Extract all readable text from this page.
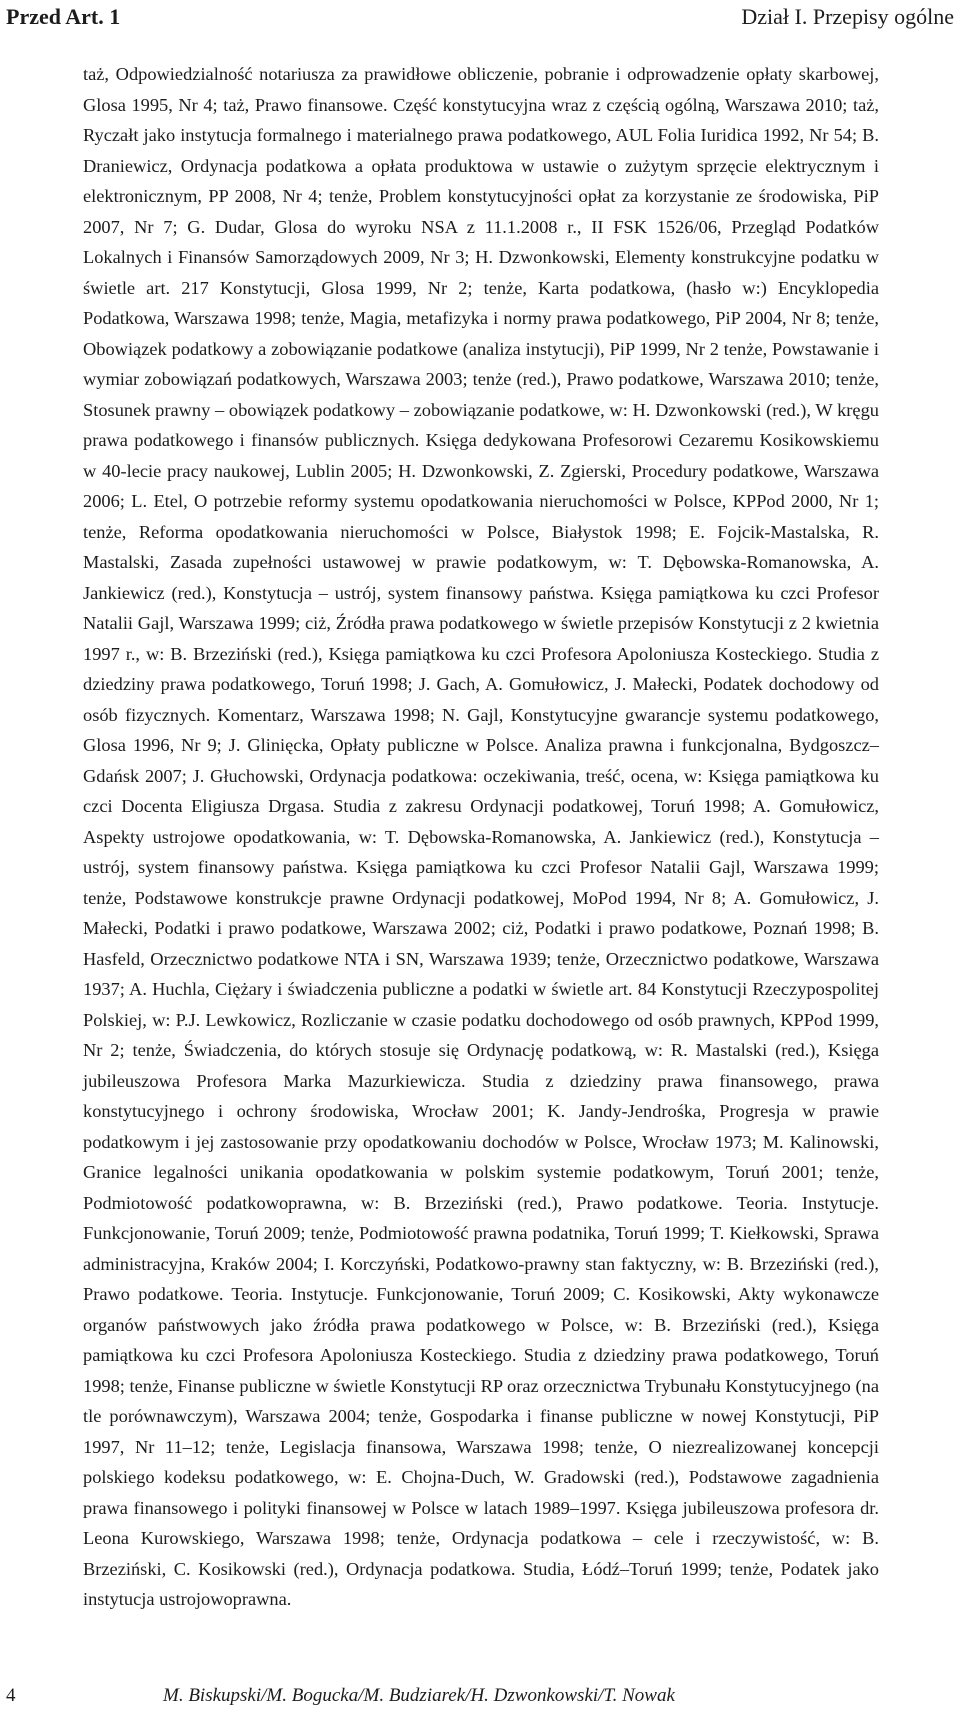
Przed Art. 1	Dział I. Przepisy ogólne

taż, Odpowiedzialność notariusza za prawidłowe obliczenie, pobranie i odprowadzenie opłaty skarbowej, Glosa 1995, Nr 4; taż, Prawo finansowe. Część konstytucyjna wraz z częścią ogólną, Warszawa 2010; taż, Ryczałt jako instytucja formalnego i materialnego prawa podatkowego, AUL Folia Iuridica 1992, Nr 54; B. Draniewicz, Ordynacja podatkowa a opłata produktowa w ustawie o zużytym sprzęcie elektrycznym i elektronicznym, PP 2008, Nr 4; tenże, Problem konstytucyjności opłat za korzystanie ze środowiska, PiP 2007, Nr 7; G. Dudar, Glosa do wyroku NSA z 11.1.2008 r., II FSK 1526/06, Przegląd Podatków Lokalnych i Finansów Samorządowych 2009, Nr 3; H. Dzwonkowski, Elementy konstrukcyjne podatku w świetle art. 217 Konstytucji, Glosa 1999, Nr 2; tenże, Karta podatkowa, (hasło w:) Encyklopedia Podatkowa, Warszawa 1998; tenże, Magia, metafizyka i normy prawa podatkowego, PiP 2004, Nr 8; tenże, Obowiązek podatkowy a zobowiązanie podatkowe (analiza instytucji), PiP 1999, Nr 2 tenże, Powstawanie i wymiar zobowiązań podatkowych, Warszawa 2003; tenże (red.), Prawo podatkowe, Warszawa 2010; tenże, Stosunek prawny – obowiązek podatkowy – zobowiązanie podatkowe, w: H. Dzwonkowski (red.), W kręgu prawa podatkowego i finansów publicznych. Księga dedykowana Profesorowi Cezaremu Kosikowskiemu w 40-lecie pracy naukowej, Lublin 2005; H. Dzwonkowski, Z. Zgierski, Procedury podatkowe, Warszawa 2006; L. Etel, O potrzebie reformy systemu opodatkowania nieruchomości w Polsce, KPPod 2000, Nr 1; tenże, Reforma opodatkowania nieruchomości w Polsce, Białystok 1998; E. Fojcik-Mastalska, R. Mastalski, Zasada zupełności ustawowej w prawie podatkowym, w: T. Dębowska-Romanowska, A. Jankiewicz (red.), Konstytucja – ustrój, system finansowy państwa. Księga pamiątkowa ku czci Profesor Natalii Gajl, Warszawa 1999; ciż, Źródła prawa podatkowego w świetle przepisów Konstytucji z 2 kwietnia 1997 r., w: B. Brzeziński (red.), Księga pamiątkowa ku czci Profesora Apoloniusza Kosteckiego. Studia z dziedziny prawa podatkowego, Toruń 1998; J. Gach, A. Gomułowicz, J. Małecki, Podatek dochodowy od osób fizycznych. Komentarz, Warszawa 1998; N. Gajl, Konstytucyjne gwarancje systemu podatkowego, Glosa 1996, Nr 9; J. Glinięcka, Opłaty publiczne w Polsce. Analiza prawna i funkcjonalna, Bydgoszcz–Gdańsk 2007; J. Głuchowski, Ordynacja podatkowa: oczekiwania, treść, ocena, w: Księga pamiątkowa ku czci Docenta Eligiusza Drgasa. Studia z zakresu Ordynacji podatkowej, Toruń 1998; A. Gomułowicz, Aspekty ustrojowe opodatkowania, w: T. Dębowska-Romanowska, A. Jankiewicz (red.), Konstytucja – ustrój, system finansowy państwa. Księga pamiątkowa ku czci Profesor Natalii Gajl, Warszawa 1999; tenże, Podstawowe konstrukcje prawne Ordynacji podatkowej, MoPod 1994, Nr 8; A. Gomułowicz, J. Małecki, Podatki i prawo podatkowe, Warszawa 2002; ciż, Podatki i prawo podatkowe, Poznań 1998; B. Hasfeld, Orzecznictwo podatkowe NTA i SN, Warszawa 1939; tenże, Orzecznictwo podatkowe, Warszawa 1937; A. Huchla, Ciężary i świadczenia publiczne a podatki w świetle art. 84 Konstytucji Rzeczypospolitej Polskiej, w: P.J. Lewkowicz, Rozliczanie w czasie podatku dochodowego od osób prawnych, KPPod 1999, Nr 2; tenże, Świadczenia, do których stosuje się Ordynację podatkową, w: R. Mastalski (red.), Księga jubileuszowa Profesora Marka Mazurkiewicza. Studia z dziedziny prawa finansowego, prawa konstytucyjnego i ochrony środowiska, Wrocław 2001; K. Jandy-Jendrośka, Progresja w prawie podatkowym i jej zastosowanie przy opodatkowaniu dochodów w Polsce, Wrocław 1973; M. Kalinowski, Granice legalności unikania opodatkowania w polskim systemie podatkowym, Toruń 2001; tenże, Podmiotowość podatkowoprawna, w: B. Brzeziński (red.), Prawo podatkowe. Teoria. Instytucje. Funkcjonowanie, Toruń 2009; tenże, Podmiotowość prawna podatnika, Toruń 1999; T. Kiełkowski, Sprawa administracyjna, Kraków 2004; I. Korczyński, Podatkowo-prawny stan faktyczny, w: B. Brzeziński (red.), Prawo podatkowe. Teoria. Instytucje. Funkcjonowanie, Toruń 2009; C. Kosikowski, Akty wykonawcze organów państwowych jako źródła prawa podatkowego w Polsce, w: B. Brzeziński (red.), Księga pamiątkowa ku czci Profesora Apoloniusza Kosteckiego. Studia z dziedziny prawa podatkowego, Toruń 1998; tenże, Finanse publiczne w świetle Konstytucji RP oraz orzecznictwa Trybunału Konstytucyjnego (na tle porównawczym), Warszawa 2004; tenże, Gospodarka i finanse publiczne w nowej Konstytucji, PiP 1997, Nr 11–12; tenże, Legislacja finansowa, Warszawa 1998; tenże, O niezrealizowanej koncepcji polskiego kodeksu podatkowego, w: E. Chojna-Duch, W. Gradowski (red.), Podstawowe zagadnienia prawa finansowego i polityki finansowej w Polsce w latach 1989–1997. Księga jubileuszowa profesora dr. Leona Kurowskiego, Warszawa 1998; tenże, Ordynacja podatkowa – cele i rzeczywistość, w: B. Brzeziński, C. Kosikowski (red.), Ordynacja podatkowa. Studia, Łódź–Toruń 1999; tenże, Podatek jako instytucja ustrojowoprawna.

4	M. Biskupski/M. Bogucka/M. Budziarek/H. Dzwonkowski/T. Nowak
